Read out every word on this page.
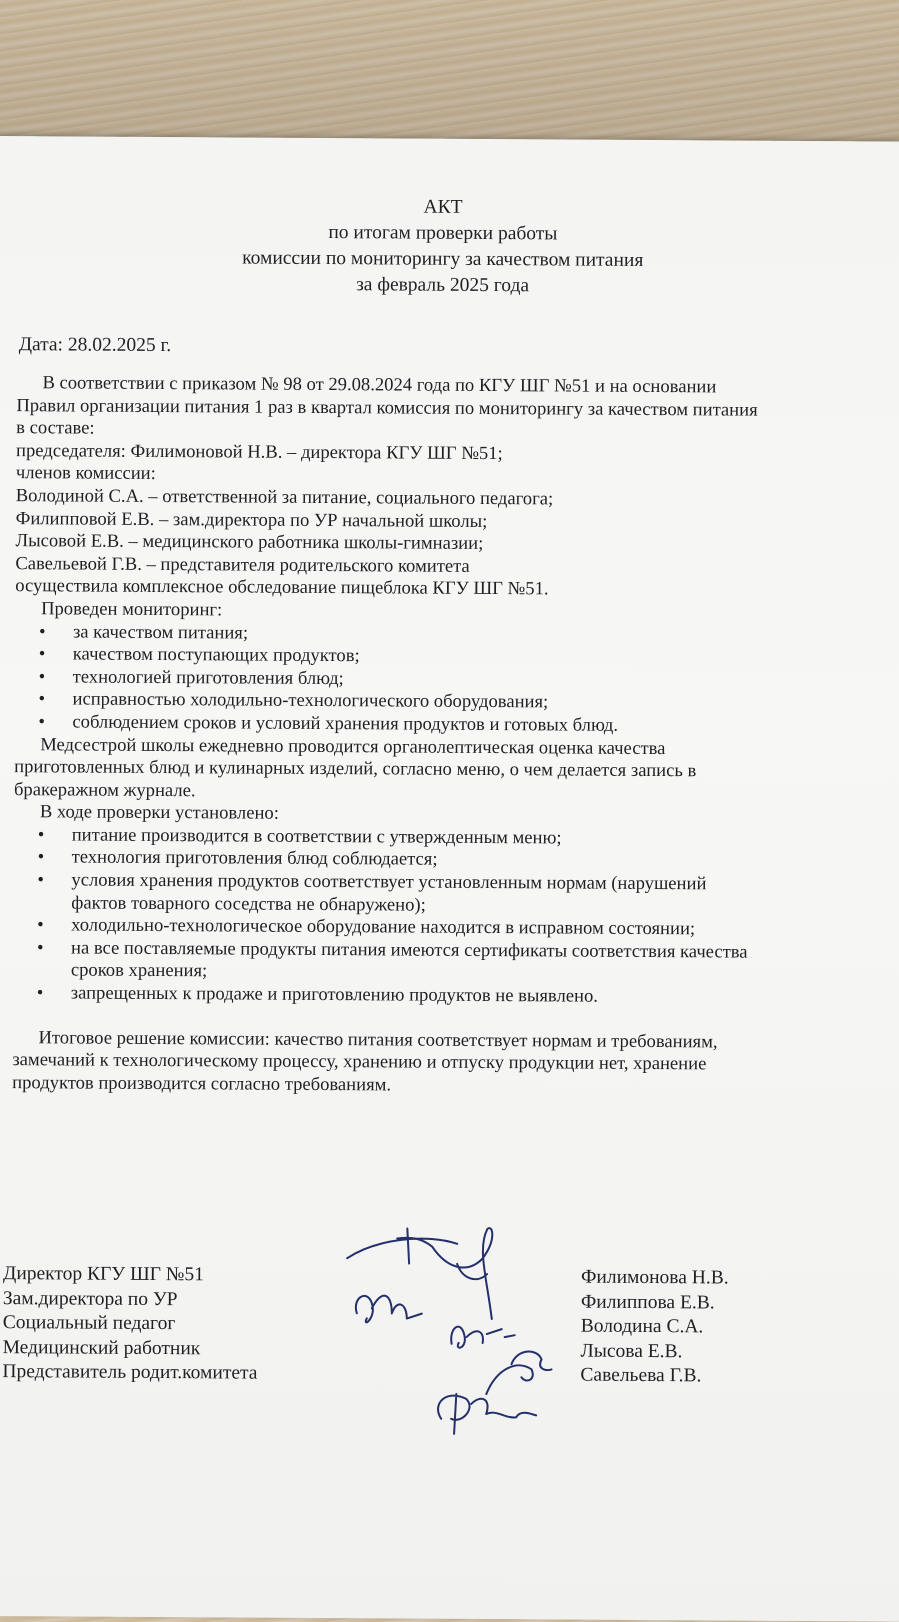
АКТ
по итогам проверки работы
комиссии по мониторингу за качеством питания
за февраль 2025 года
Дата: 28.02.2025 г.

В соответствии с приказом № 98 от 29.08.2024 года по КГУ ШГ №51 и на основании

Правил организации питания 1 раз в квартал комиссия по мониторингу за качеством питания

в составе:

председателя: Филимоновой Н.В. – директора КГУ ШГ №51;

членов комиссии:

Володиной С.А. – ответственной за питание, социального педагога;

Филипповой Е.В. – зам.директора по УР начальной школы;

Лысовой Е.В. – медицинского работника школы-гимназии;

Савельевой Г.В. – представителя родительского комитета

осуществила комплексное обследование пищеблока КГУ ШГ №51.

Проведен мониторинг:

• за качеством питания;
• качеством поступающих продуктов;
• технологией приготовления блюд;
• исправностью холодильно-технологического оборудования;
• соблюдением сроков и условий хранения продуктов и готовых блюд.

Медсестрой школы ежедневно проводится органолептическая оценка качества

приготовленных блюд и кулинарных изделий, согласно меню, о чем делается запись в

бракеражном журнале.

В ходе проверки установлено:

• питание производится в соответствии с утвержденным меню;
• технология приготовления блюд соблюдается;
• условия хранения продуктов соответствует установленным нормам (нарушений
фактов товарного соседства не обнаружено);
• холодильно-технологическое оборудование находится в исправном состоянии;
• на все поставляемые продукты питания имеются сертификаты соответствия качества
сроков хранения;
• запрещенных к продаже и приготовлению продуктов не выявлено.

Итоговое решение комиссии: качество питания соответствует нормам и требованиям,

замечаний к технологическому процессу, хранению и отпуску продукции нет, хранение

продуктов производится согласно требованиям.

Директор КГУ ШГ №51	Филимонова Н.В.
Зам.директора по УР	Филиппова Е.В.
Социальный педагог	Володина С.А.
Медицинский работник	Лысова Е.В.
Представитель родит.комитета	Савельева Г.В.
